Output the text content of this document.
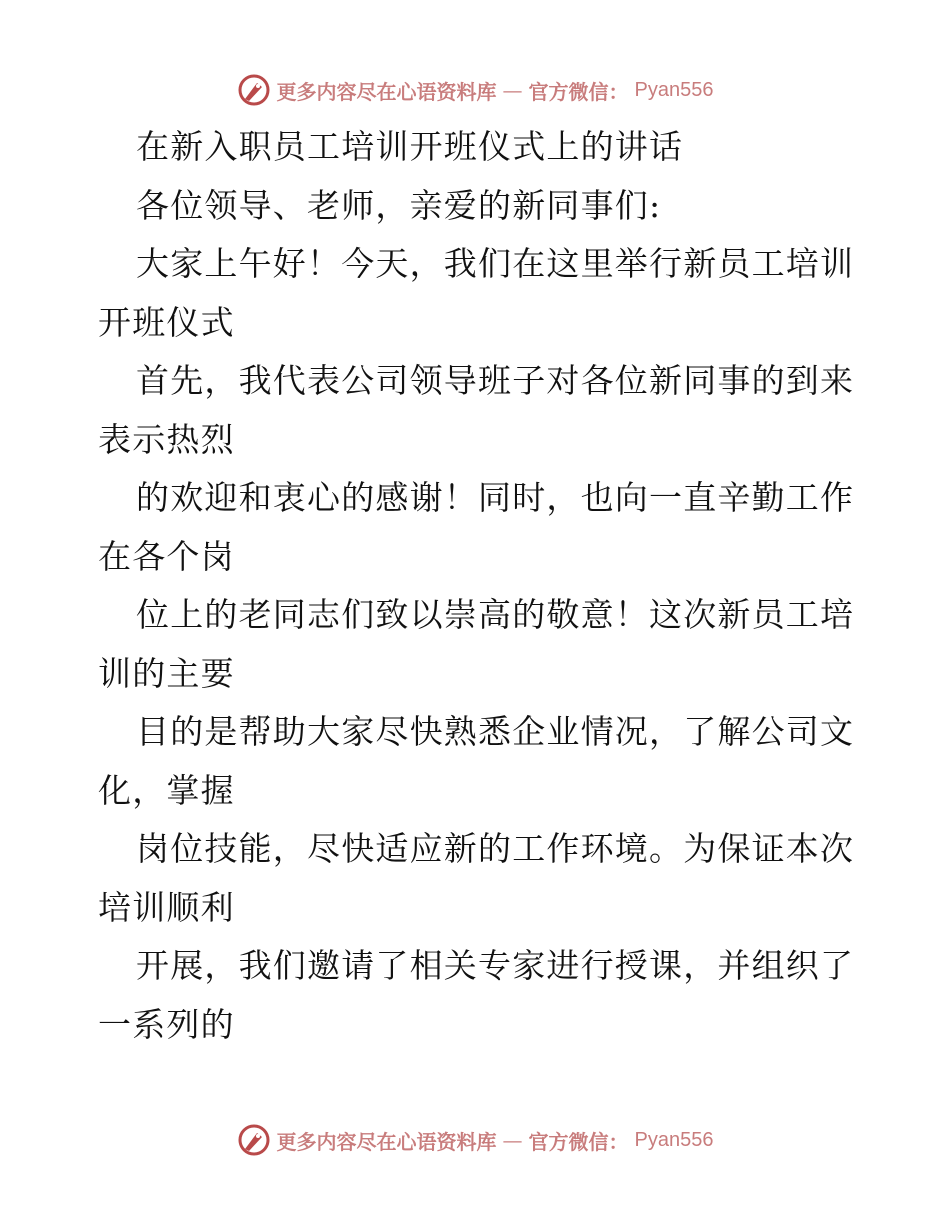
更多内容尽在心语资料库 — 官方微信： Pyan556
在新入职员工培训开班仪式上的讲话
各位领导、老师，亲爱的新同事们:
大家上午好！今天，我们在这里举行新员工培训
开班仪式
首先，我代表公司领导班子对各位新同事的到来
表示热烈
的欢迎和衷心的感谢！同时，也向一直辛勤工作
在各个岗
位上的老同志们致以崇高的敬意！这次新员工培
训的主要
目的是帮助大家尽快熟悉企业情况，了解公司文
化，掌握
岗位技能，尽快适应新的工作环境。为保证本次
培训顺利
开展，我们邀请了相关专家进行授课，并组织了
一系列的
更多内容尽在心语资料库 — 官方微信： Pyan556
